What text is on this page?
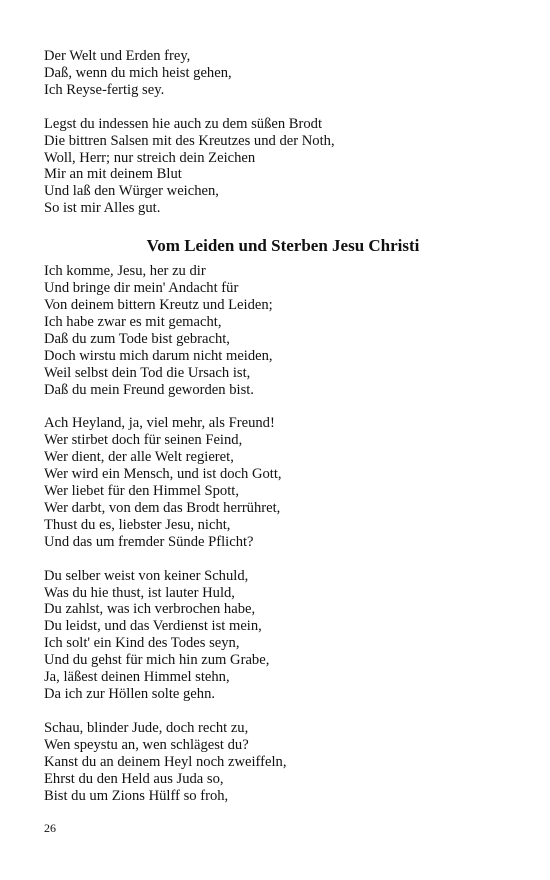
Der Welt und Erden frey,
Daß, wenn du mich heist gehen,
Ich Reyse-fertig sey.
Legst du indessen hie auch zu dem süßen Brodt
Die bittren Salsen mit des Kreutzes und der Noth,
Woll, Herr; nur streich dein Zeichen
Mir an mit deinem Blut
Und laß den Würger weichen,
So ist mir Alles gut.
Vom Leiden und Sterben Jesu Christi
Ich komme, Jesu, her zu dir
Und bringe dir mein' Andacht für
Von deinem bittern Kreutz und Leiden;
Ich habe zwar es mit gemacht,
Daß du zum Tode bist gebracht,
Doch wirstu mich darum nicht meiden,
Weil selbst dein Tod die Ursach ist,
Daß du mein Freund geworden bist.
Ach Heyland, ja, viel mehr, als Freund!
Wer stirbet doch für seinen Feind,
Wer dient, der alle Welt regieret,
Wer wird ein Mensch, und ist doch Gott,
Wer liebet für den Himmel Spott,
Wer darbt, von dem das Brodt herrühret,
Thust du es, liebster Jesu, nicht,
Und das um fremder Sünde Pflicht?
Du selber weist von keiner Schuld,
Was du hie thust, ist lauter Huld,
Du zahlst, was ich verbrochen habe,
Du leidst, und das Verdienst ist mein,
Ich solt' ein Kind des Todes seyn,
Und du gehst für mich hin zum Grabe,
Ja, läßest deinen Himmel stehn,
Da ich zur Höllen solte gehn.
Schau, blinder Jude, doch recht zu,
Wen speystu an, wen schlägest du?
Kanst du an deinem Heyl noch zweiffeln,
Ehrst du den Held aus Juda so,
Bist du um Zions Hülff so froh,
26
